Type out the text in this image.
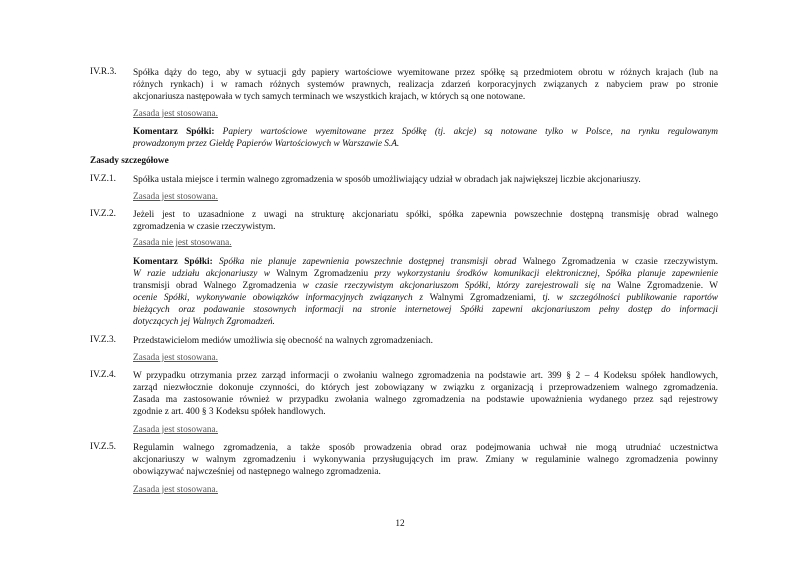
IV.R.3. Spółka dąży do tego, aby w sytuacji gdy papiery wartościowe wyemitowane przez spółkę są przedmiotem obrotu w różnych krajach (lub na
różnych rynkach) i w ramach różnych systemów prawnych, realizacja zdarzeń korporacyjnych związanych z nabyciem praw po stronie
akcjonariusza następowała w tych samych terminach we wszystkich krajach, w których są one notowane.
Zasada jest stosowana.
Komentarz Spółki: Papiery wartościowe wyemitowane przez Spółkę (tj. akcje) są notowane tylko w Polsce, na rynku regulowanym
prowadzonym przez Giełdę Papierów Wartościowych w Warszawie S.A.
Zasady szczegółowe
IV.Z.1. Spółka ustala miejsce i termin walnego zgromadzenia w sposób umożliwiający udział w obradach jak największej liczbie akcjonariuszy.
Zasada jest stosowana.
IV.Z.2. Jeżeli jest to uzasadnione z uwagi na strukturę akcjonariatu spółki, spółka zapewnia powszechnie dostępną transmisję obrad walnego
zgromadzenia w czasie rzeczywistym.
Zasada nie jest stosowana.
Komentarz Spółki: Spółka nie planuje zapewnienia powszechnie dostępnej transmisji obrad Walnego Zgromadzenia w czasie rzeczywistym.
W razie udziału akcjonariuszy w Walnym Zgromadzeniu przy wykorzystaniu środków komunikacji elektronicznej, Spółka planuje zapewnienie
transmisji obrad Walnego Zgromadzenia w czasie rzeczywistym akcjonariuszom Spółki, którzy zarejestrowali się na Walne Zgromadzenie. W
ocenie Spółki, wykonywanie obowiązków informacyjnych związanych z Walnymi Zgromadzeniami, tj. w szczególności publikowanie raportów
bieżących oraz podawanie stosownych informacji na stronie internetowej Spółki zapewni akcjonariuszom pełny dostęp do informacji
dotyczących jej Walnych Zgromadzeń.
IV.Z.3. Przedstawicielom mediów umożliwia się obecność na walnych zgromadzeniach.
Zasada jest stosowana.
IV.Z.4. W przypadku otrzymania przez zarząd informacji o zwołaniu walnego zgromadzenia na podstawie art. 399 § 2 – 4 Kodeksu spółek handlowych,
zarząd niezwłocznie dokonuje czynności, do których jest zobowiązany w związku z organizacją i przeprowadzeniem walnego zgromadzenia.
Zasada ma zastosowanie również w przypadku zwołania walnego zgromadzenia na podstawie upoważnienia wydanego przez sąd rejestrowy
zgodnie z art. 400 § 3 Kodeksu spółek handlowych.
Zasada jest stosowana.
IV.Z.5. Regulamin walnego zgromadzenia, a także sposób prowadzenia obrad oraz podejmowania uchwał nie mogą utrudniać uczestnictwa
akcjonariuszy w walnym zgromadzeniu i wykonywania przysługujących im praw. Zmiany w regulaminie walnego zgromadzenia powinny
obowiązywać najwcześniej od następnego walnego zgromadzenia.
Zasada jest stosowana.
12
